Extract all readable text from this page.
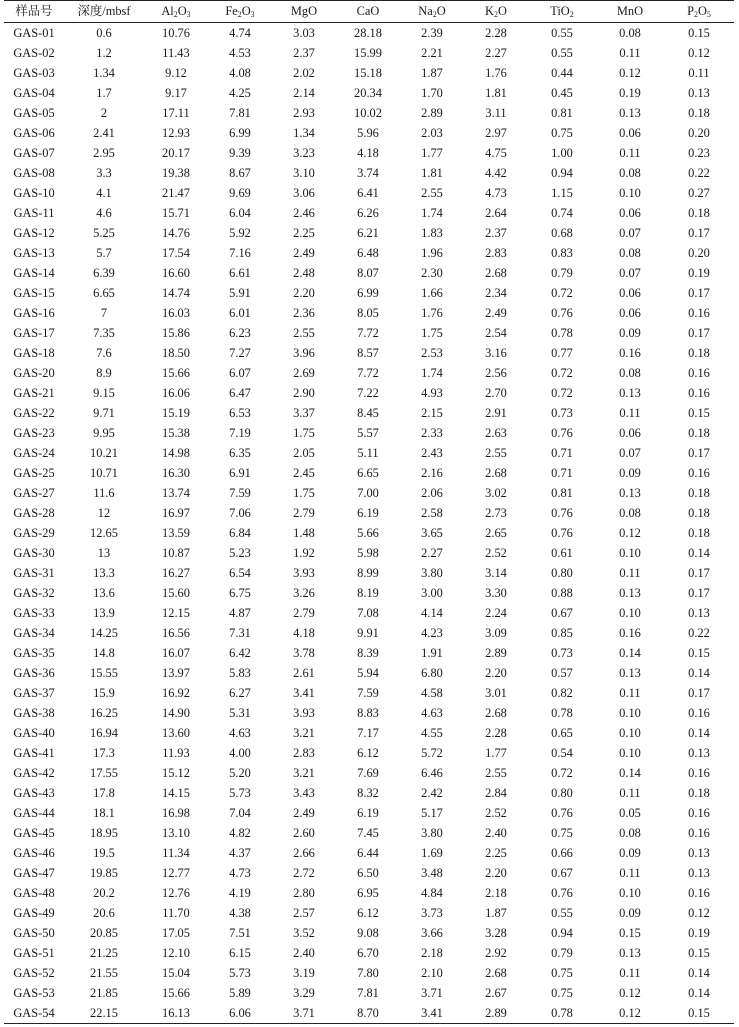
样品号	深度/mbsf	$Al_2O_3$	$Fe_2O_3$	MgO	CaO	$Na_2O$	$K_2O$	TiO$_2$	MnO	$P_2O_5$
GAS-01	0.6	10.76	4.74	3.03	28.18	2.39	2.28	0.55	0.08	0.15
GAS-02	1.2	11.43	4.53	2.37	15.99	2.21	2.27	0.55	0.11	0.12
GAS-03	1.34	9.12	4.08	2.02	15.18	1.87	1.76	0.44	0.12	0.11
GAS-04	1.7	9.17	4.25	2.14	20.34	1.70	1.81	0.45	0.19	0.13
GAS-05	2	17.11	7.81	2.93	10.02	2.89	3.11	0.81	0.13	0.18
GAS-06	2.41	12.93	6.99	1.34	5.96	2.03	2.97	0.75	0.06	0.20
GAS-07	2.95	20.17	9.39	3.23	4.18	1.77	4.75	1.00	0.11	0.23
GAS-08	3.3	19.38	8.67	3.10	3.74	1.81	4.42	0.94	0.08	0.22
GAS-10	4.1	21.47	9.69	3.06	6.41	2.55	4.73	1.15	0.10	0.27
GAS-11	4.6	15.71	6.04	2.46	6.26	1.74	2.64	0.74	0.06	0.18
GAS-12	5.25	14.76	5.92	2.25	6.21	1.83	2.37	0.68	0.07	0.17
GAS-13	5.7	17.54	7.16	2.49	6.48	1.96	2.83	0.83	0.08	0.20
GAS-14	6.39	16.60	6.61	2.48	8.07	2.30	2.68	0.79	0.07	0.19
GAS-15	6.65	14.74	5.91	2.20	6.99	1.66	2.34	0.72	0.06	0.17
GAS-16	7	16.03	6.01	2.36	8.05	1.76	2.49	0.76	0.06	0.16
GAS-17	7.35	15.86	6.23	2.55	7.72	1.75	2.54	0.78	0.09	0.17
GAS-18	7.6	18.50	7.27	3.96	8.57	2.53	3.16	0.77	0.16	0.18
GAS-20	8.9	15.66	6.07	2.69	7.72	1.74	2.56	0.72	0.08	0.16
GAS-21	9.15	16.06	6.47	2.90	7.22	4.93	2.70	0.72	0.13	0.16
GAS-22	9.71	15.19	6.53	3.37	8.45	2.15	2.91	0.73	0.11	0.15
GAS-23	9.95	15.38	7.19	1.75	5.57	2.33	2.63	0.76	0.06	0.18
GAS-24	10.21	14.98	6.35	2.05	5.11	2.43	2.55	0.71	0.07	0.17
GAS-25	10.71	16.30	6.91	2.45	6.65	2.16	2.68	0.71	0.09	0.16
GAS-27	11.6	13.74	7.59	1.75	7.00	2.06	3.02	0.81	0.13	0.18
GAS-28	12	16.97	7.06	2.79	6.19	2.58	2.73	0.76	0.08	0.18
GAS-29	12.65	13.59	6.84	1.48	5.66	3.65	2.65	0.76	0.12	0.18
GAS-30	13	10.87	5.23	1.92	5.98	2.27	2.52	0.61	0.10	0.14
GAS-31	13.3	16.27	6.54	3.93	8.99	3.80	3.14	0.80	0.11	0.17
GAS-32	13.6	15.60	6.75	3.26	8.19	3.00	3.30	0.88	0.13	0.17
GAS-33	13.9	12.15	4.87	2.79	7.08	4.14	2.24	0.67	0.10	0.13
GAS-34	14.25	16.56	7.31	4.18	9.91	4.23	3.09	0.85	0.16	0.22
GAS-35	14.8	16.07	6.42	3.78	8.39	1.91	2.89	0.73	0.14	0.15
GAS-36	15.55	13.97	5.83	2.61	5.94	6.80	2.20	0.57	0.13	0.14
GAS-37	15.9	16.92	6.27	3.41	7.59	4.58	3.01	0.82	0.11	0.17
GAS-38	16.25	14.90	5.31	3.93	8.83	4.63	2.68	0.78	0.10	0.16
GAS-40	16.94	13.60	4.63	3.21	7.17	4.55	2.28	0.65	0.10	0.14
GAS-41	17.3	11.93	4.00	2.83	6.12	5.72	1.77	0.54	0.10	0.13
GAS-42	17.55	15.12	5.20	3.21	7.69	6.46	2.55	0.72	0.14	0.16
GAS-43	17.8	14.15	5.73	3.43	8.32	2.42	2.84	0.80	0.11	0.18
GAS-44	18.1	16.98	7.04	2.49	6.19	5.17	2.52	0.76	0.05	0.16
GAS-45	18.95	13.10	4.82	2.60	7.45	3.80	2.40	0.75	0.08	0.16
GAS-46	19.5	11.34	4.37	2.66	6.44	1.69	2.25	0.66	0.09	0.13
GAS-47	19.85	12.77	4.73	2.72	6.50	3.48	2.20	0.67	0.11	0.13
GAS-48	20.2	12.76	4.19	2.80	6.95	4.84	2.18	0.76	0.10	0.16
GAS-49	20.6	11.70	4.38	2.57	6.12	3.73	1.87	0.55	0.09	0.12
GAS-50	20.85	17.05	7.51	3.52	9.08	3.66	3.28	0.94	0.15	0.19
GAS-51	21.25	12.10	6.15	2.40	6.70	2.18	2.92	0.79	0.13	0.15
GAS-52	21.55	15.04	5.73	3.19	7.80	2.10	2.68	0.75	0.11	0.14
GAS-53	21.85	15.66	5.89	3.29	7.81	3.71	2.67	0.75	0.12	0.14
GAS-54	22.15	16.13	6.06	3.71	8.70	3.41	2.89	0.78	0.12	0.15
